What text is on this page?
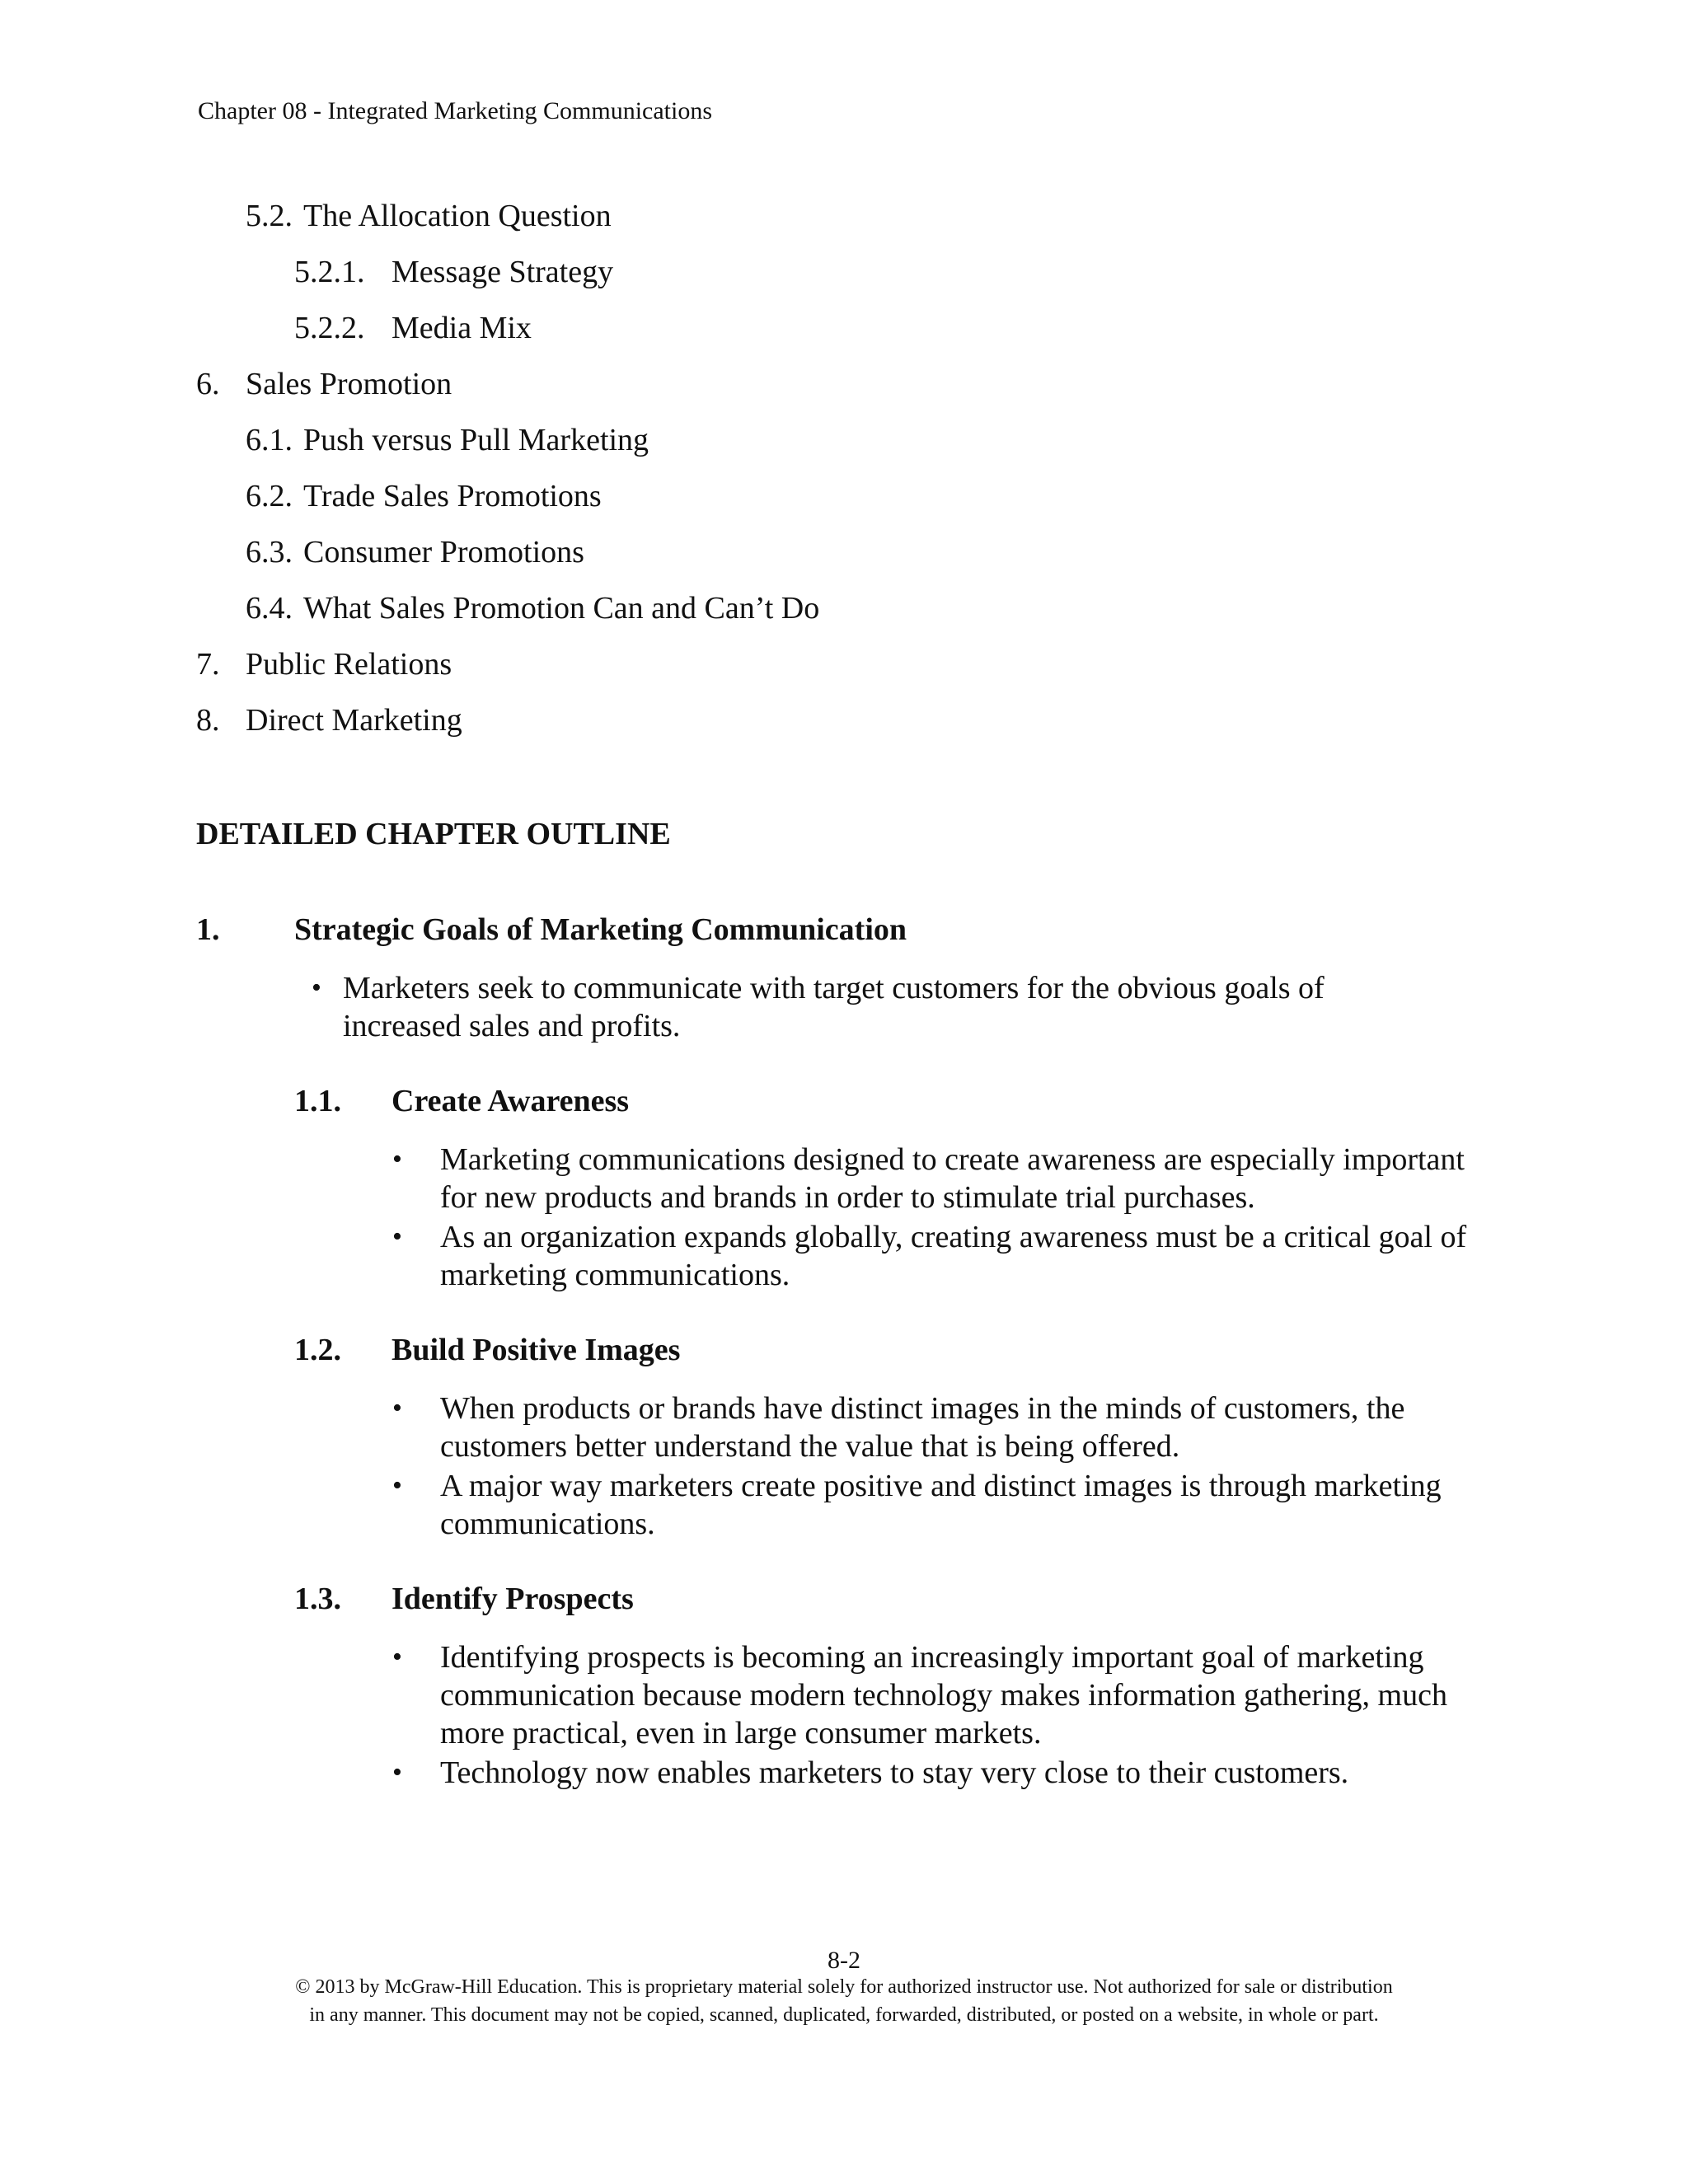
Chapter 08 - Integrated Marketing Communications
5.2. The Allocation Question
5.2.1. Message Strategy
5.2.2. Media Mix
6. Sales Promotion
6.1. Push versus Pull Marketing
6.2. Trade Sales Promotions
6.3. Consumer Promotions
6.4. What Sales Promotion Can and Can’t Do
7. Public Relations
8. Direct Marketing
DETAILED CHAPTER OUTLINE
1. Strategic Goals of Marketing Communication
• Marketers seek to communicate with target customers for the obvious goals of increased sales and profits.
1.1. Create Awareness
• Marketing communications designed to create awareness are especially important for new products and brands in order to stimulate trial purchases.
• As an organization expands globally, creating awareness must be a critical goal of marketing communications.
1.2. Build Positive Images
• When products or brands have distinct images in the minds of customers, the customers better understand the value that is being offered.
• A major way marketers create positive and distinct images is through marketing communications.
1.3. Identify Prospects
• Identifying prospects is becoming an increasingly important goal of marketing communication because modern technology makes information gathering, much more practical, even in large consumer markets.
• Technology now enables marketers to stay very close to their customers.
8-2
© 2013 by McGraw-Hill Education. This is proprietary material solely for authorized instructor use. Not authorized for sale or distribution
in any manner. This document may not be copied, scanned, duplicated, forwarded, distributed, or posted on a website, in whole or part.
